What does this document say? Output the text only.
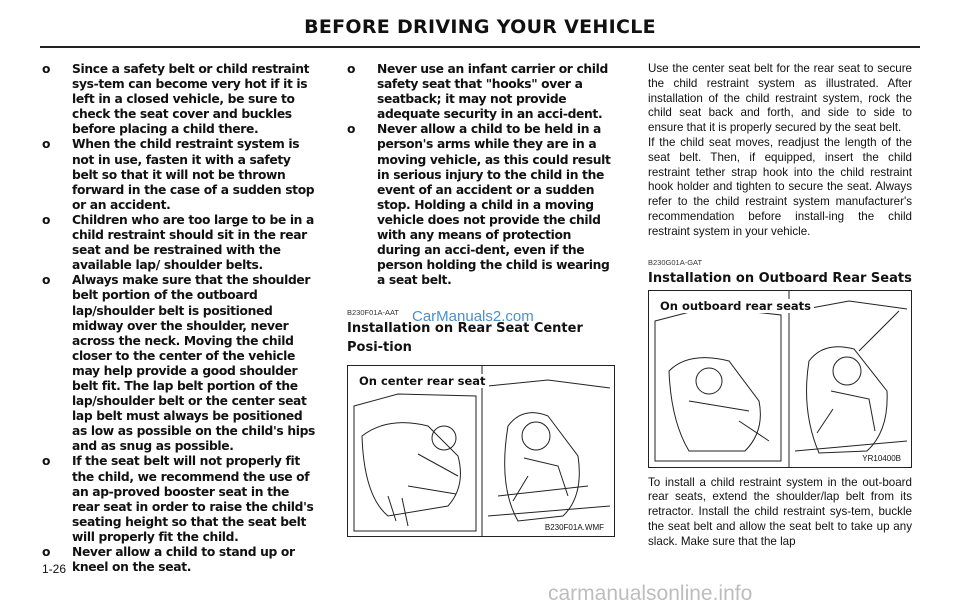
BEFORE DRIVING YOUR VEHICLE
o Since a safety belt or child restraint sys-tem can become very hot if it is left in a closed vehicle, be sure to check the seat cover and buckles before placing a child there.
o When the child restraint system is not in use, fasten it with a safety belt so that it will not be thrown forward in the case of a sudden stop or an accident.
o Children who are too large to be in a child restraint should sit in the rear seat and be restrained with the available lap/ shoulder belts.
o Always make sure that the shoulder belt portion of the outboard lap/shoulder belt is positioned midway over the shoulder, never across the neck. Moving the child closer to the center of the vehicle may help provide a good shoulder belt fit. The lap belt portion of the lap/shoulder belt or the center seat lap belt must always be positioned as low as possible on the child's hips and as snug as possible.
o If the seat belt will not properly fit the child, we recommend the use of an ap-proved booster seat in the rear seat in order to raise the child's seating height so that the seat belt will properly fit the child.
o Never allow a child to stand up or kneel on the seat.
o Never use an infant carrier or child safety seat that "hooks" over a seatback; it may not provide adequate security in an acci-dent.
o Never allow a child to be held in a person's arms while they are in a moving vehicle, as this could result in serious injury to the child in the event of an accident or a sudden stop. Holding a child in a moving vehicle does not provide the child with any means of protection during an acci-dent, even if the person holding the child is wearing a seat belt.

B230F01A-AAT

Installation on Rear Seat Center Posi-tion
On center rear seat
B230F01A.WMF
CarManuals2.com

Use the center seat belt for the rear seat to secure the child restraint system as illustrated. After installation of the child restraint system, rock the child seat back and forth, and side to side to ensure that it is properly secured by the seat belt.

If the child seat moves, readjust the length of the seat belt. Then, if equipped, insert the child restraint tether strap hook into the child restraint hook holder and tighten to secure the seat. Always refer to the child restraint system manufacturer's recommendation before install-ing the child restraint system in your vehicle.

B230G01A-GAT

Installation on Outboard Rear Seats
On outboard rear seats
YR10400B

To install a child restraint system in the out-board rear seats, extend the shoulder/lap belt from its retractor. Install the child restraint sys-tem, buckle the seat belt and allow the seat belt to take up any slack. Make sure that the lap

1-26
carmanualsonline.info
